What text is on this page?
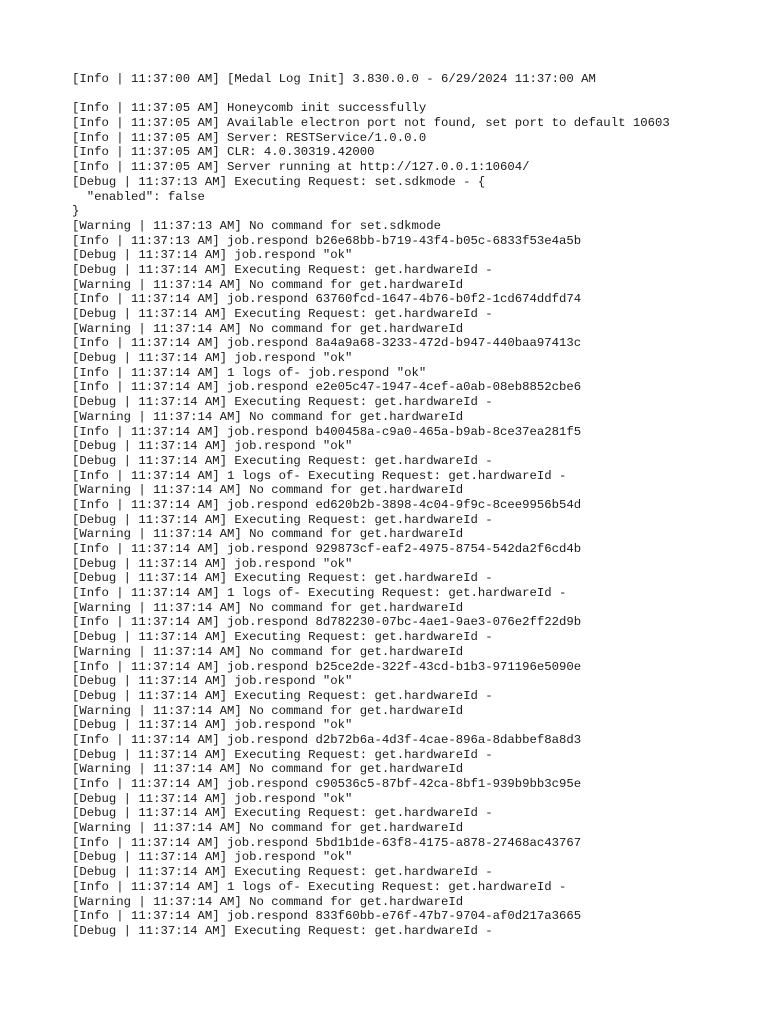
[Info | 11:37:00 AM] [Medal Log Init] 3.830.0.0 - 6/29/2024 11:37:00 AM
[Info | 11:37:05 AM] Honeycomb init successfully
[Info | 11:37:05 AM] Available electron port not found, set port to default 10603
[Info | 11:37:05 AM] Server: RESTService/1.0.0.0
[Info | 11:37:05 AM] CLR: 4.0.30319.42000
[Info | 11:37:05 AM] Server running at http://127.0.0.1:10604/
[Debug | 11:37:13 AM] Executing Request: set.sdkmode - {
"enabled": false
}
[Warning | 11:37:13 AM] No command for set.sdkmode
[Info | 11:37:13 AM] job.respond b26e68bb-b719-43f4-b05c-6833f53e4a5b
[Debug | 11:37:14 AM] job.respond "ok"
[Debug | 11:37:14 AM] Executing Request: get.hardwareId -
[Warning | 11:37:14 AM] No command for get.hardwareId
[Info | 11:37:14 AM] job.respond 63760fcd-1647-4b76-b0f2-1cd674ddfd74
[Debug | 11:37:14 AM] Executing Request: get.hardwareId -
[Warning | 11:37:14 AM] No command for get.hardwareId
[Info | 11:37:14 AM] job.respond 8a4a9a68-3233-472d-b947-440baa97413c
[Debug | 11:37:14 AM] job.respond "ok"
[Info | 11:37:14 AM] 1 logs of- job.respond "ok"
[Info | 11:37:14 AM] job.respond e2e05c47-1947-4cef-a0ab-08eb8852cbe6
[Debug | 11:37:14 AM] Executing Request: get.hardwareId -
[Warning | 11:37:14 AM] No command for get.hardwareId
[Info | 11:37:14 AM] job.respond b400458a-c9a0-465a-b9ab-8ce37ea281f5
[Debug | 11:37:14 AM] job.respond "ok"
[Debug | 11:37:14 AM] Executing Request: get.hardwareId -
[Info | 11:37:14 AM] 1 logs of- Executing Request: get.hardwareId -
[Warning | 11:37:14 AM] No command for get.hardwareId
[Info | 11:37:14 AM] job.respond ed620b2b-3898-4c04-9f9c-8cee9956b54d
[Debug | 11:37:14 AM] Executing Request: get.hardwareId -
[Warning | 11:37:14 AM] No command for get.hardwareId
[Info | 11:37:14 AM] job.respond 929873cf-eaf2-4975-8754-542da2f6cd4b
[Debug | 11:37:14 AM] job.respond "ok"
[Debug | 11:37:14 AM] Executing Request: get.hardwareId -
[Info | 11:37:14 AM] 1 logs of- Executing Request: get.hardwareId -
[Warning | 11:37:14 AM] No command for get.hardwareId
[Info | 11:37:14 AM] job.respond 8d782230-07bc-4ae1-9ae3-076e2ff22d9b
[Debug | 11:37:14 AM] Executing Request: get.hardwareId -
[Warning | 11:37:14 AM] No command for get.hardwareId
[Info | 11:37:14 AM] job.respond b25ce2de-322f-43cd-b1b3-971196e5090e
[Debug | 11:37:14 AM] job.respond "ok"
[Debug | 11:37:14 AM] Executing Request: get.hardwareId -
[Warning | 11:37:14 AM] No command for get.hardwareId
[Debug | 11:37:14 AM] job.respond "ok"
[Info | 11:37:14 AM] job.respond d2b72b6a-4d3f-4cae-896a-8dabbef8a8d3
[Debug | 11:37:14 AM] Executing Request: get.hardwareId -
[Warning | 11:37:14 AM] No command for get.hardwareId
[Info | 11:37:14 AM] job.respond c90536c5-87bf-42ca-8bf1-939b9bb3c95e
[Debug | 11:37:14 AM] job.respond "ok"
[Debug | 11:37:14 AM] Executing Request: get.hardwareId -
[Warning | 11:37:14 AM] No command for get.hardwareId
[Info | 11:37:14 AM] job.respond 5bd1b1de-63f8-4175-a878-27468ac43767
[Debug | 11:37:14 AM] job.respond "ok"
[Debug | 11:37:14 AM] Executing Request: get.hardwareId -
[Info | 11:37:14 AM] 1 logs of- Executing Request: get.hardwareId -
[Warning | 11:37:14 AM] No command for get.hardwareId
[Info | 11:37:14 AM] job.respond 833f60bb-e76f-47b7-9704-af0d217a3665
[Debug | 11:37:14 AM] Executing Request: get.hardwareId -
